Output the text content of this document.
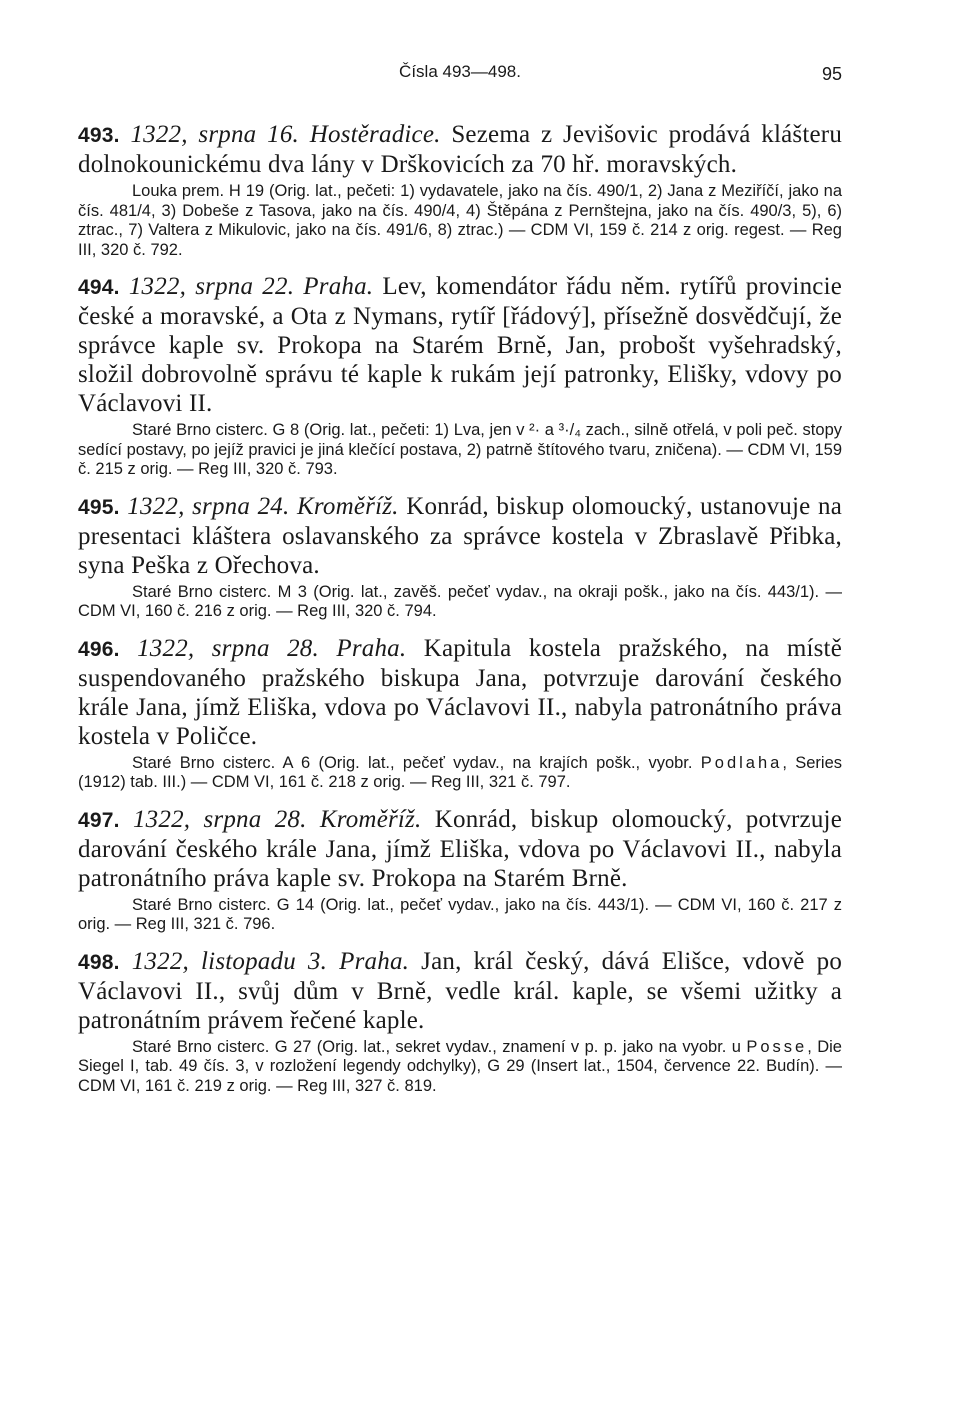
Čísla 493—498.	95

493. 1322, srpna 16. Hostěradice. Sezema z Jevišovic prodává klášteru dolnokounickému dva lány v Drškovicích za 70 hř. moravských.

Louka prem. H 19 (Orig. lat., pečeti: 1) vydavatele, jako na čís. 490/1, 2) Jana z Meziříčí, jako na čís. 481/4, 3) Dobeše z Tasova, jako na čís. 490/4, 4) Štěpána z Pernštejna, jako na čís. 490/3, 5), 6) ztrac., 7) Valtera z Mikulovic, jako na čís. 491/6, 8) ztrac.) — CDM VI, 159 č. 214 z orig. regest. — Reg III, 320 č. 792.

494. 1322, srpna 22. Praha. Lev, komendátor řádu něm. rytířů provincie české a moravské, a Ota z Nymans, rytíř [řádový], přísežně dosvědčují, že správce kaple sv. Prokopa na Starém Brně, Jan, probošt vyšehradský, složil dobrovolně správu té kaple k rukám její patronky, Elišky, vdovy po Václavovi II.

Staré Brno cisterc. G 8 (Orig. lat., pečeti: 1) Lva, jen v ²· a ³·/₄ zach., silně otřelá, v poli peč. stopy sedící postavy, po jejíž pravici je jiná klečící postava, 2) patrně štítového tvaru, zničena). — CDM VI, 159 č. 215 z orig. — Reg III, 320 č. 793.

495. 1322, srpna 24. Kroměříž. Konrád, biskup olomoucký, ustanovuje na presentaci kláštera oslavanského za správce kostela v Zbraslavě Přibka, syna Peška z Ořechova.

Staré Brno cisterc. M 3 (Orig. lat., zavěš. pečeť vydav., na okraji pošk., jako na čís. 443/1). — CDM VI, 160 č. 216 z orig. — Reg III, 320 č. 794.

496. 1322, srpna 28. Praha. Kapitula kostela pražského, na místě suspendovaného pražského biskupa Jana, potvrzuje darování českého krále Jana, jímž Eliška, vdova po Václavovi II., nabyla patronátního práva kostela v Poličce.

Staré Brno cisterc. A 6 (Orig. lat., pečeť vydav., na krajích pošk., vyobr. Podlaha, Series (1912) tab. III.) — CDM VI, 161 č. 218 z orig. — Reg III, 321 č. 797.

497. 1322, srpna 28. Kroměříž. Konrád, biskup olomoucký, potvrzuje darování českého krále Jana, jímž Eliška, vdova po Václavovi II., nabyla patronátního práva kaple sv. Prokopa na Starém Brně.

Staré Brno cisterc. G 14 (Orig. lat., pečeť vydav., jako na čís. 443/1). — CDM VI, 160 č. 217 z orig. — Reg III, 321 č. 796.

498. 1322, listopadu 3. Praha. Jan, král český, dává Elišce, vdově po Václavovi II., svůj dům v Brně, vedle král. kaple, se všemi užitky a patronátním právem řečené kaple.

Staré Brno cisterc. G 27 (Orig. lat., sekret vydav., znamení v p. p. jako na vyobr. u Posse, Die Siegel I, tab. 49 čís. 3, v rozložení legendy odchylky), G 29 (Insert lat., 1504, července 22. Budín). — CDM VI, 161 č. 219 z orig. — Reg III, 327 č. 819.
